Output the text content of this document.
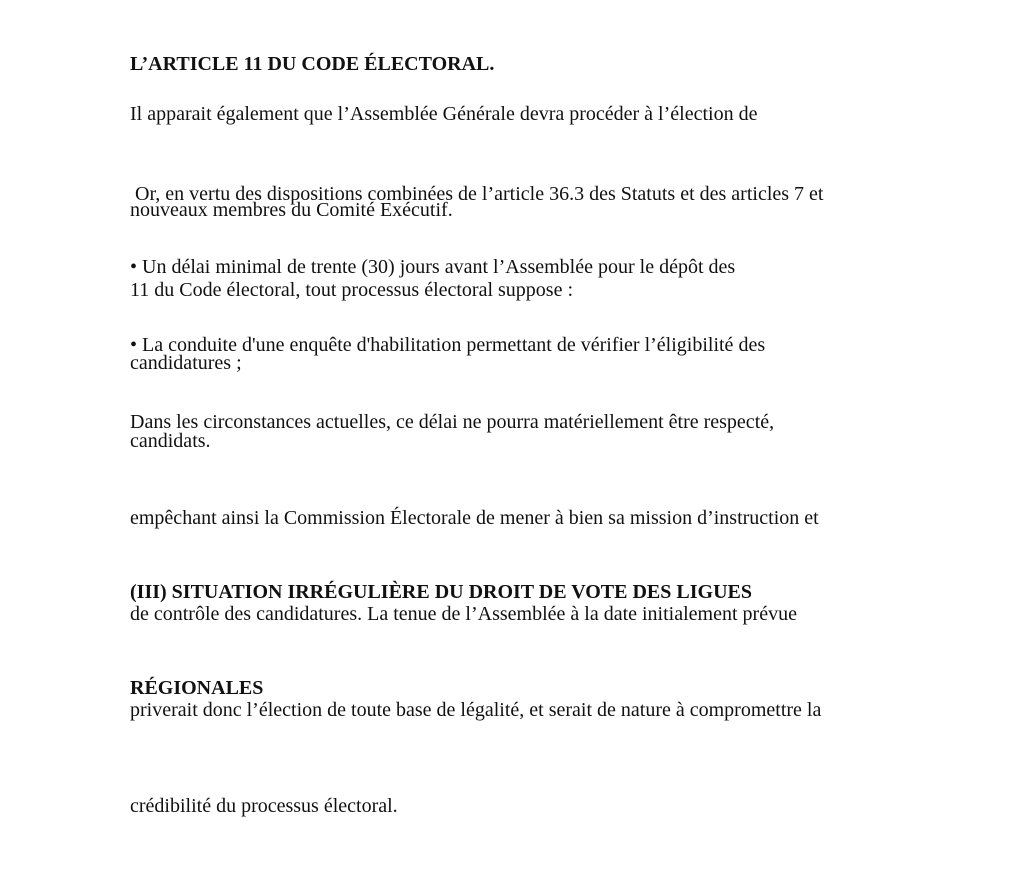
L’ARTICLE 11 DU CODE ÉLECTORAL.

Il apparait également que l’Assemblée Générale devra procéder à l’élection de

nouveaux membres du Comité Exécutif.

Or, en vertu des dispositions combinées de l’article 36.3 des Statuts et des articles 7 et

11 du Code électoral, tout processus électoral suppose :

• Un délai minimal de trente (30) jours avant l’Assemblée pour le dépôt des

candidatures ;

• La conduite d'une enquête d'habilitation permettant de vérifier l’éligibilité des

candidats.

Dans les circonstances actuelles, ce délai ne pourra matériellement être respecté,

empêchant ainsi la Commission Électorale de mener à bien sa mission d’instruction et

de contrôle des candidatures. La tenue de l’Assemblée à la date initialement prévue

priverait donc l’élection de toute base de légalité, et serait de nature à compromettre la

crédibilité du processus électoral.

(III) SITUATION IRRÉGULIÈRE DU DROIT DE VOTE DES LIGUES

RÉGIONALES
